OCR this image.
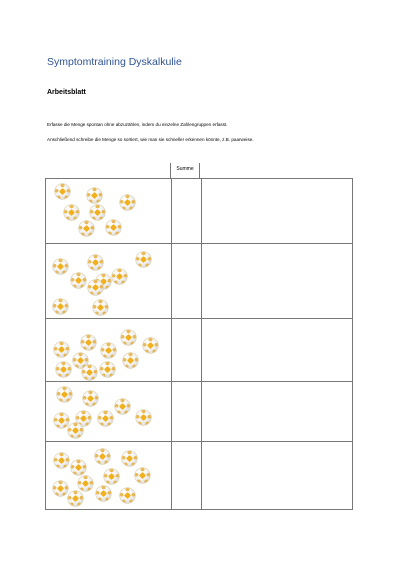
Symptomtraining Dyskalkulie
Arbeitsblatt
Erfasse die Menge spontan ohne abzuzählen, indem du einzelne Zahlengruppen erfasst.
Anschließend schreibe die Menge so sortiert, wie man sie schneller erkennen könnte, z.B. paarweise.
Summe
